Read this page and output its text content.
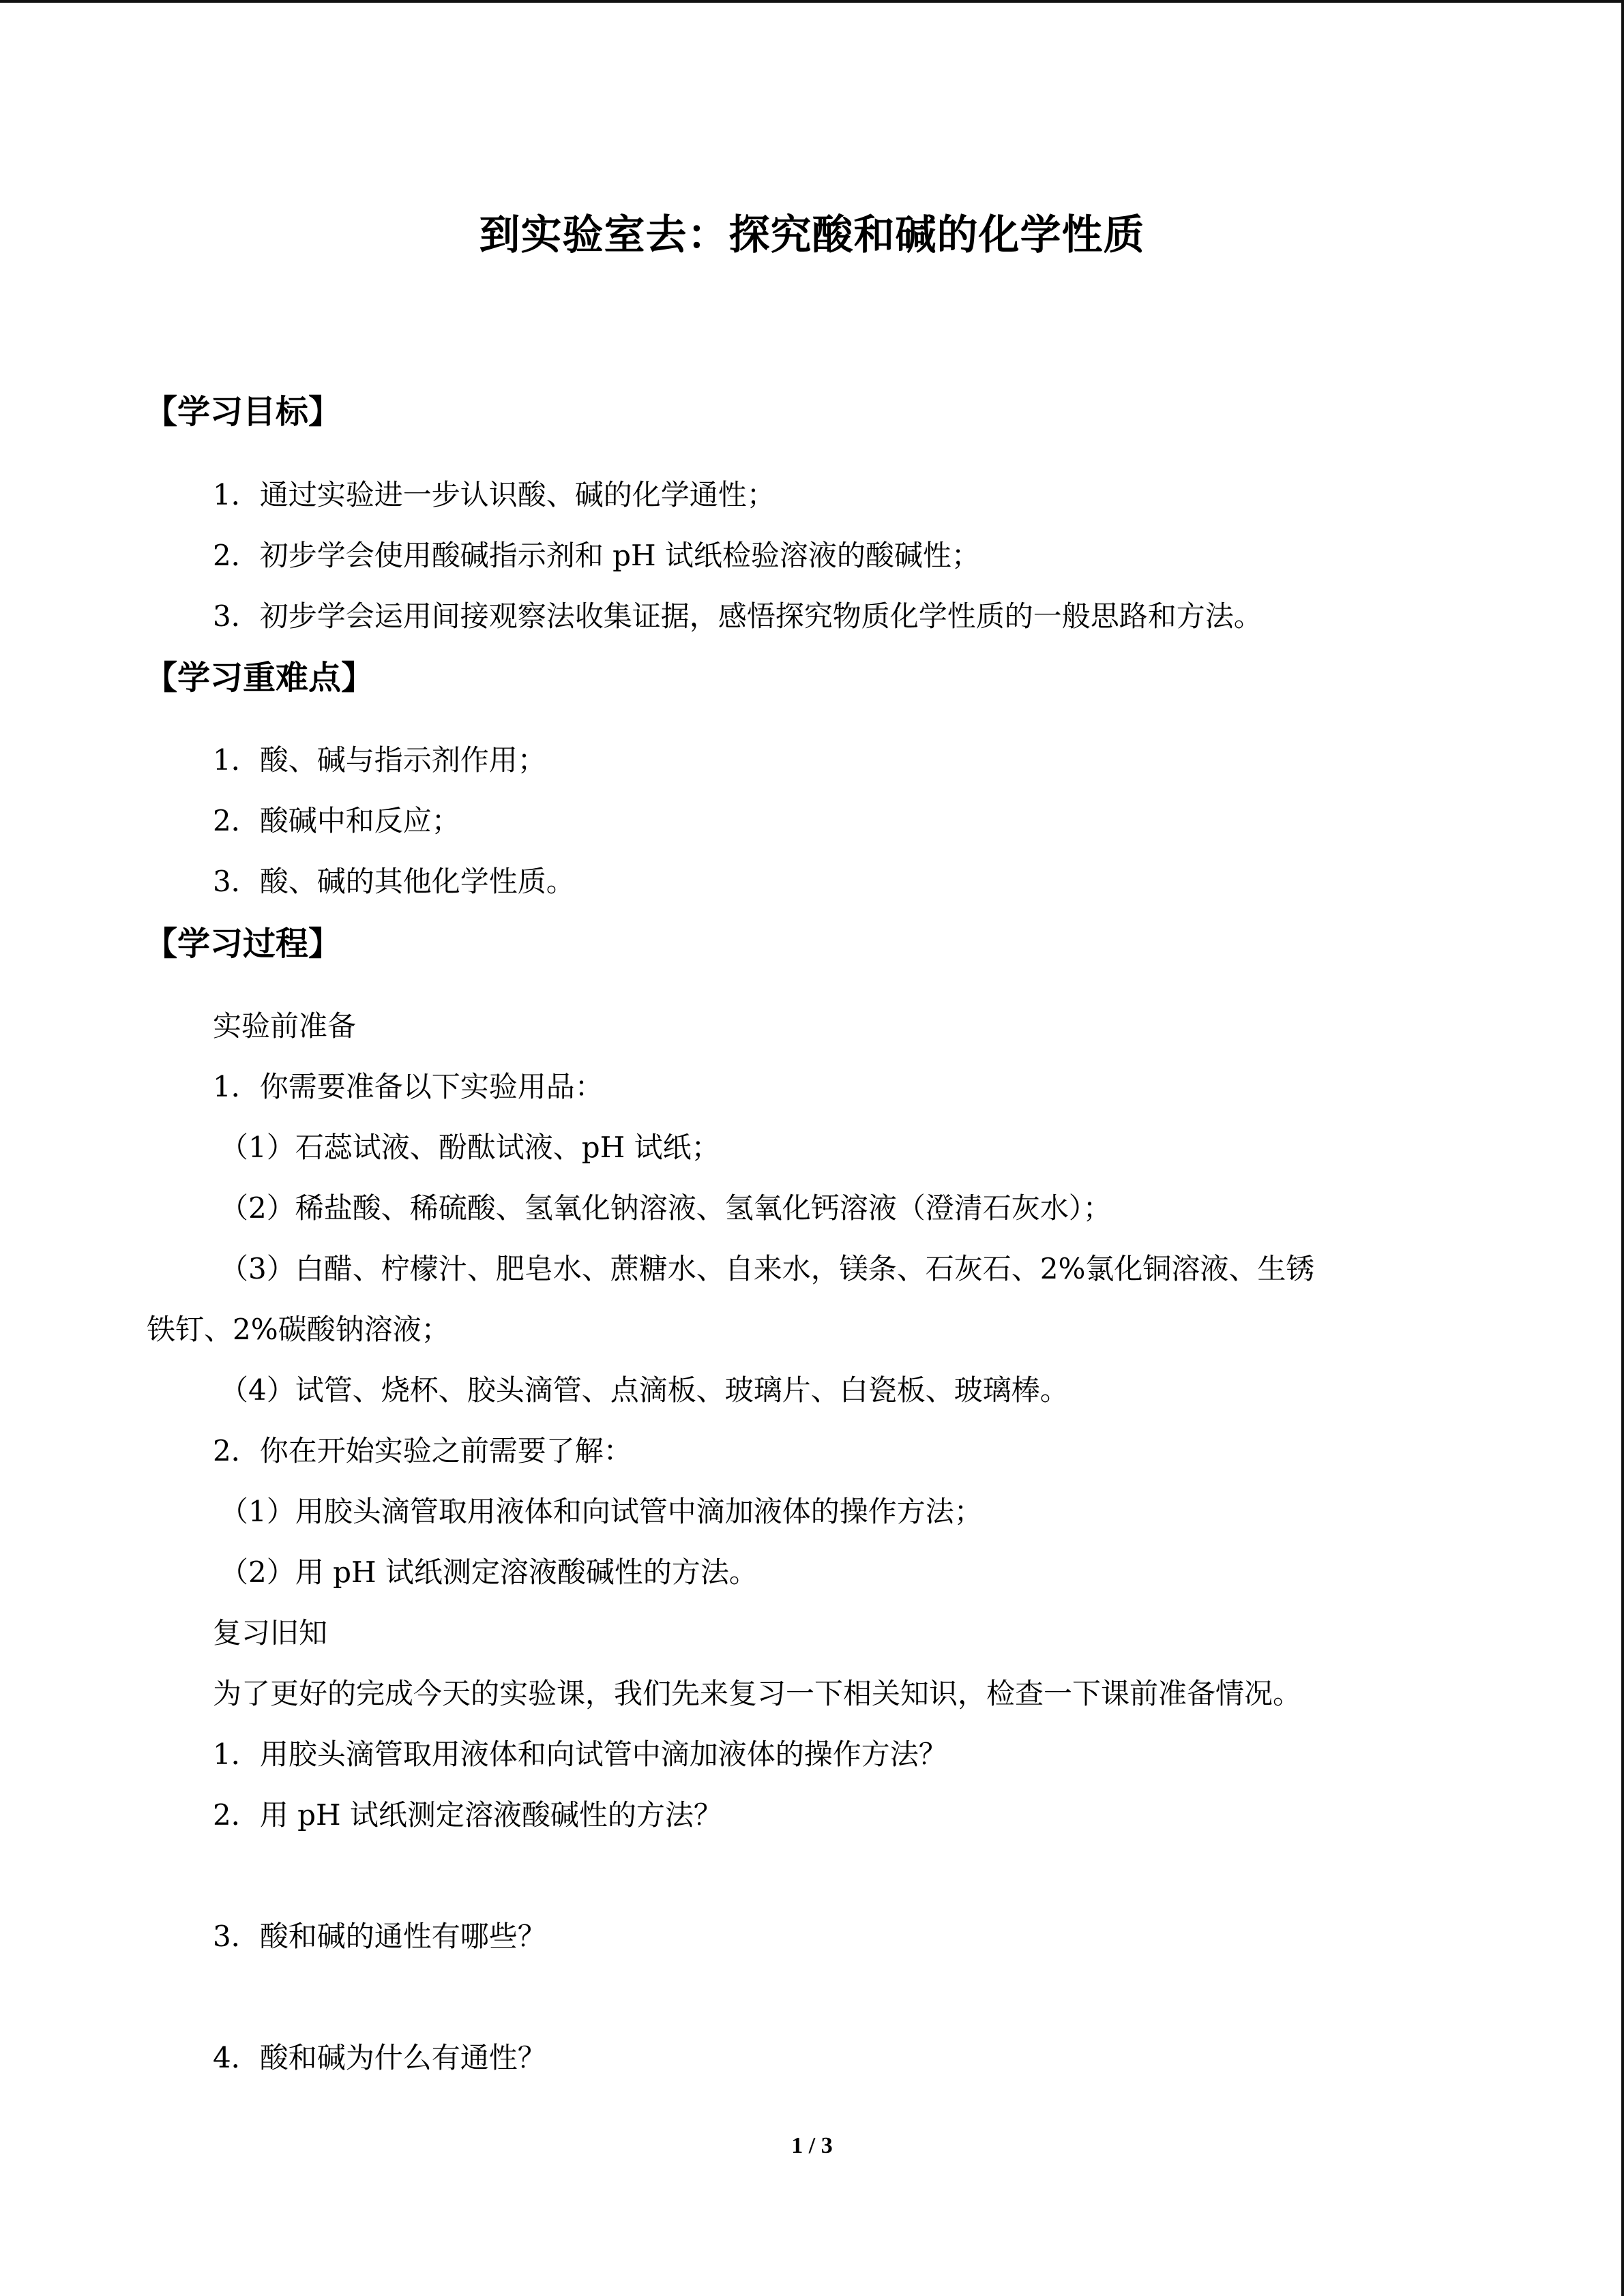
到实验室去：探究酸和碱的化学性质
【学习目标】
1．通过实验进一步认识酸、碱的化学通性；
2．初步学会使用酸碱指示剂和 pH 试纸检验溶液的酸碱性；
3．初步学会运用间接观察法收集证据，感悟探究物质化学性质的一般思路和方法。
【学习重难点】
1．酸、碱与指示剂作用；
2．酸碱中和反应；
3．酸、碱的其他化学性质。
【学习过程】
实验前准备
1．你需要准备以下实验用品：
（1）石蕊试液、酚酞试液、pH 试纸；
（2）稀盐酸、稀硫酸、氢氧化钠溶液、氢氧化钙溶液（澄清石灰水）；
（3）白醋、柠檬汁、肥皂水、蔗糖水、自来水，镁条、石灰石、2%氯化铜溶液、生锈
铁钉、2%碳酸钠溶液；
（4）试管、烧杯、胶头滴管、点滴板、玻璃片、白瓷板、玻璃棒。
2．你在开始实验之前需要了解：
（1）用胶头滴管取用液体和向试管中滴加液体的操作方法；
（2）用 pH 试纸测定溶液酸碱性的方法。
复习旧知
为了更好的完成今天的实验课，我们先来复习一下相关知识，检查一下课前准备情况。
1．用胶头滴管取用液体和向试管中滴加液体的操作方法？
2．用 pH 试纸测定溶液酸碱性的方法？
3．酸和碱的通性有哪些？
4．酸和碱为什么有通性？
1 / 3
